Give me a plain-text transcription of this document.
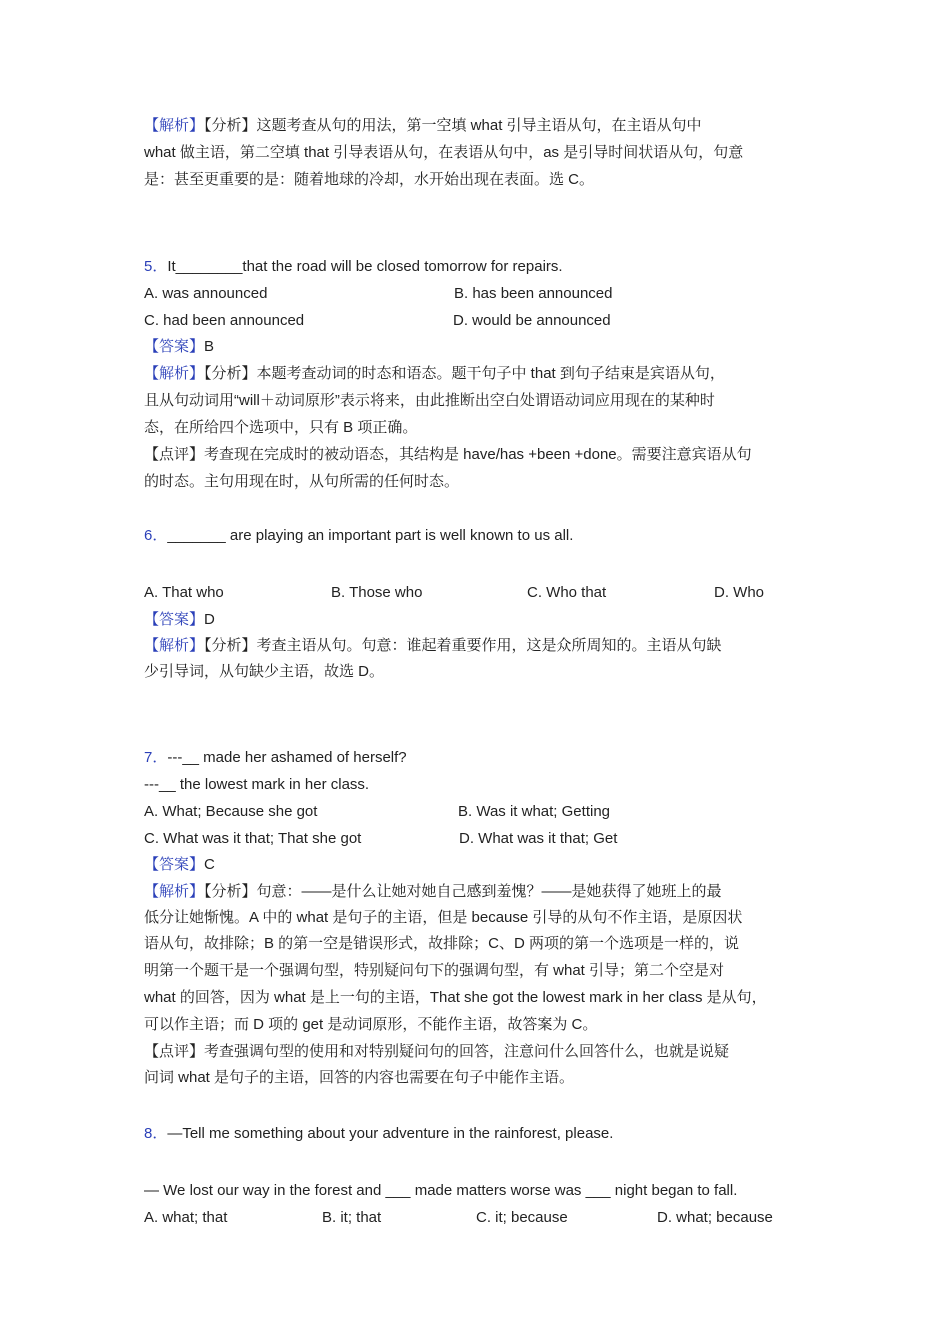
【解析】【分析】这题考查从句的用法，第一空填 what 引导主语从句，在主语从句中
what 做主语，第二空填 that 引导表语从句，在表语从句中，as 是引导时间状语从句，句意
是：甚至更重要的是：随着地球的冷却，水开始出现在表面。选 C。
5．It________that the road will be closed tomorrow for repairs.
A. was announced	B. has been announced
C. had been announced	D. would be announced
【答案】B
【解析】【分析】本题考查动词的时态和语态。题干句子中 that 到句子结束是宾语从句，
且从句动词用“will＋动词原形”表示将来，由此推断出空白处谓语动词应用现在的某种时
态，在所给四个选项中，只有 B 项正确。
【点评】考查现在完成时的被动语态，其结构是 have/has +been +done。需要注意宾语从句
的时态。主句用现在时，从句所需的任何时态。
6．_______ are playing an important part is well known to us all.
A. That who	B. Those who	C. Who that	D. Who
【答案】D
【解析】【分析】考查主语从句。句意：谁起着重要作用，这是众所周知的。主语从句缺
少引导词，从句缺少主语，故选 D。
7．---__ made her ashamed of herself?
---__ the lowest mark in her class.
A. What; Because she got	B. Was it what; Getting
C. What was it that; That she got	D. What was it that; Get
【答案】C
【解析】【分析】句意：——是什么让她对她自己感到羞愧？——是她获得了她班上的最
低分让她惭愧。A 中的 what 是句子的主语，但是 because 引导的从句不作主语，是原因状
语从句，故排除；B 的第一空是错误形式，故排除；C、D 两项的第一个选项是一样的，说
明第一个题干是一个强调句型，特别疑问句下的强调句型，有 what 引导；第二个空是对
what 的回答，因为 what 是上一句的主语，That she got the lowest mark in her class 是从句，
可以作主语；而 D 项的 get 是动词原形，不能作主语，故答案为 C。
【点评】考查强调句型的使用和对特别疑问句的回答，注意问什么回答什么，也就是说疑
问词 what 是句子的主语，回答的内容也需要在句子中能作主语。
8．—Tell me something about your adventure in the rainforest, please.
— We lost our way in the forest and ___ made matters worse was ___ night began to fall.
A. what; that	B. it; that	C. it; because	D. what; because
